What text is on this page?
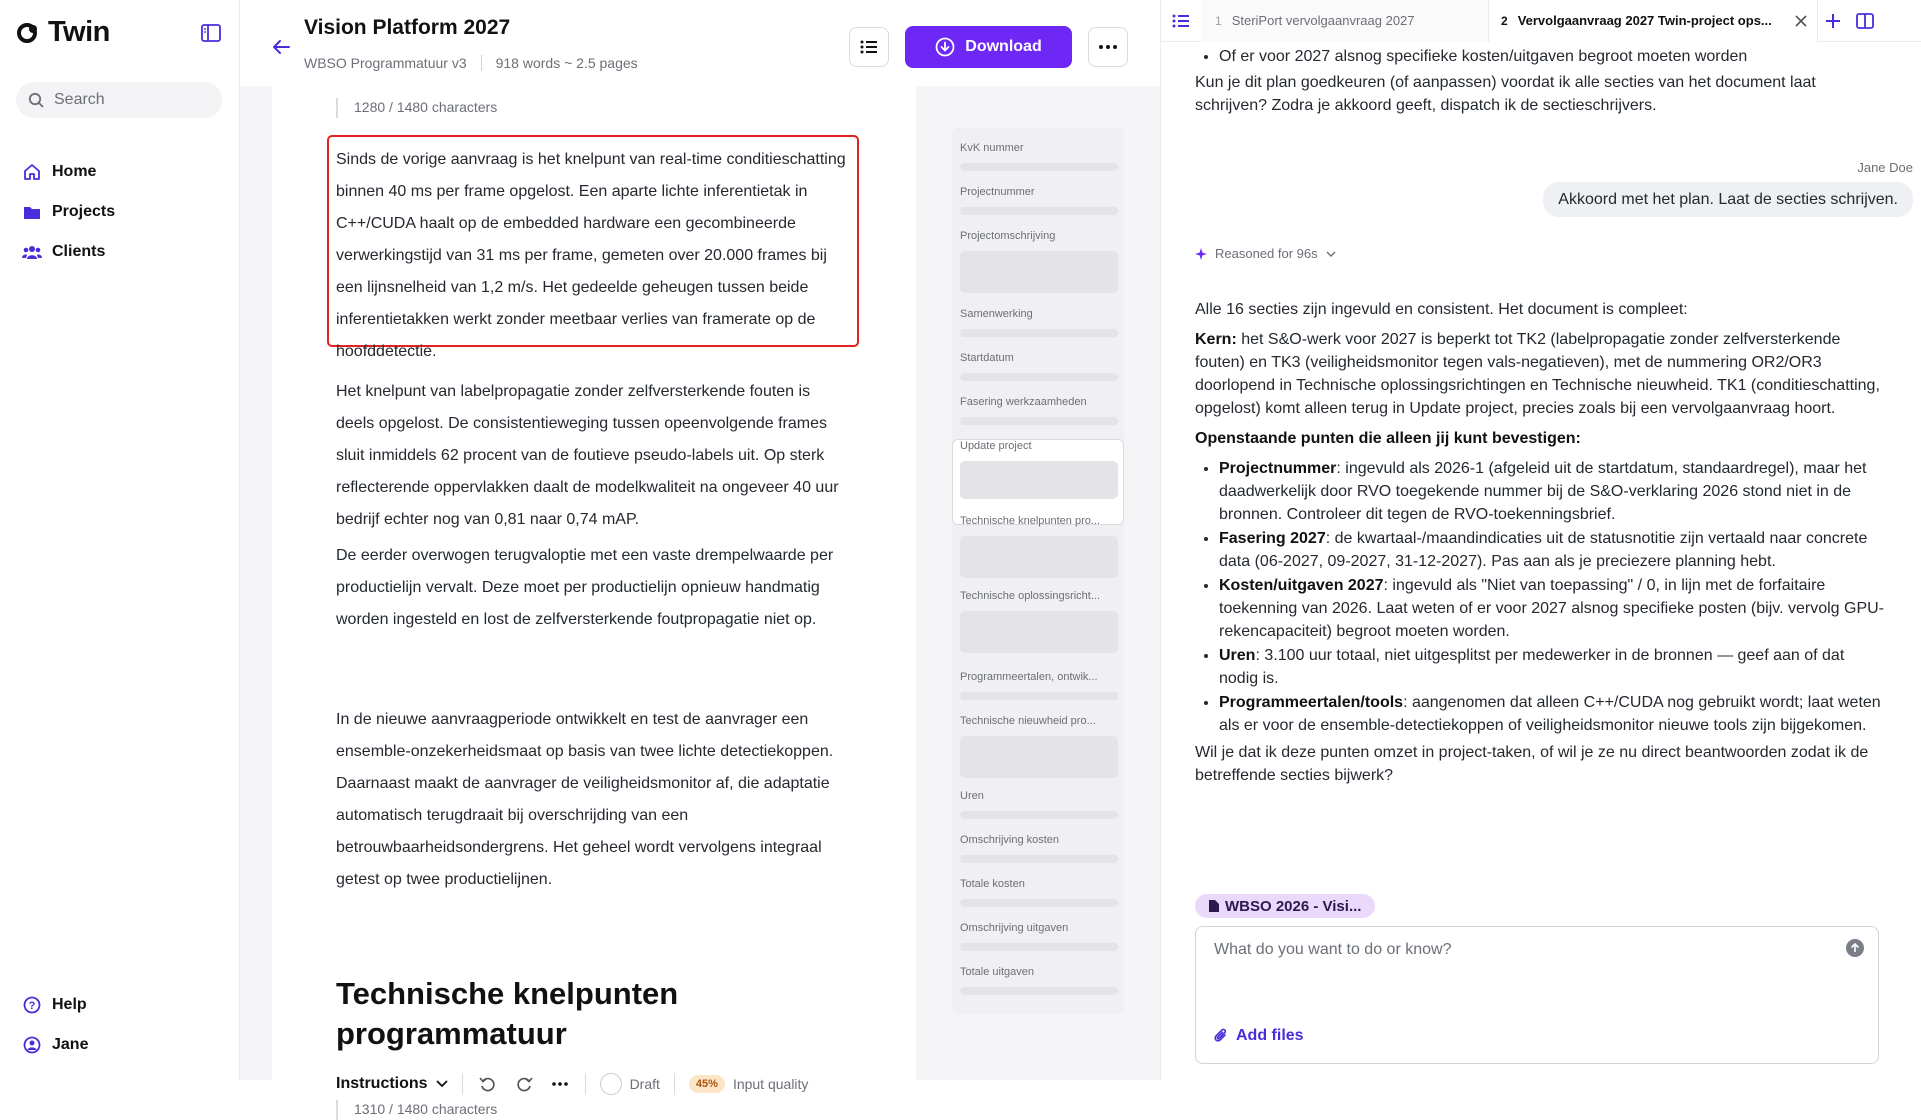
Twin
Search
Home
Projects
Clients
? Help
Jane
Vision Platform 2027
WBSO Programmatuur v3 918 words ~ 2.5 pages
Download
1280 / 1480 characters

Sinds de vorige aanvraag is het knelpunt van real-time conditieschatting binnen 40 ms per frame opgelost. Een aparte lichte inferentietak in C++/CUDA haalt op de embedded hardware een gecombineerde verwerkingstijd van 31 ms per frame, gemeten over 20.000 frames bij een lijnsnelheid van 1,2 m/s. Het gedeelde geheugen tussen beide inferentietakken werkt zonder meetbaar verlies van framerate op de hoofddetectie.

Het knelpunt van labelpropagatie zonder zelfversterkende fouten is deels opgelost. De consistentieweging tussen opeenvolgende frames sluit inmiddels 62 procent van de foutieve pseudo-labels uit. Op sterk reflecterende oppervlakken daalt de modelkwaliteit na ongeveer 40 uur bedrijf echter nog van 0,81 naar 0,74 mAP.

De eerder overwogen terugvaloptie met een vaste drempelwaarde per productielijn vervalt. Deze moet per productielijn opnieuw handmatig worden ingesteld en lost de zelfversterkende foutpropagatie niet op.

In de nieuwe aanvraagperiode ontwikkelt en test de aanvrager een ensemble-onzekerheidsmaat op basis van twee lichte detectiekoppen. Daarnaast maakt de aanvrager de veiligheidsmonitor af, die adaptatie automatisch terugdraait bij overschrijding van een betrouwbaarheidsondergrens. Het geheel wordt vervolgens integraal getest op twee productielijnen.

Technische knelpunten programmatuur
Instructions	Draft	45%	Input quality
1310 / 1480 characters
KvK nummer
Projectnummer
Projectomschrijving
Samenwerking
Startdatum
Fasering werkzaamheden
Update project
Technische knelpunten pro...
Technische oplossingsricht...
Programmeertalen, ontwik...
Technische nieuwheid pro...
Uren
Omschrijving kosten
Totale kosten
Omschrijving uitgaven
Totale uitgaven
1 SteriPort vervolgaanvraag 2027	2 Vervolgaanvraag 2027 Twin-project ops...
• Of er voor 2027 alsnog specifieke kosten/uitgaven begroot moeten worden

Kun je dit plan goedkeuren (of aanpassen) voordat ik alle secties van het document laat schrijven? Zodra je akkoord geeft, dispatch ik de sectieschrijvers.

Jane Doe
Akkoord met het plan. Laat de secties schrijven.
Reasoned for 96s

Alle 16 secties zijn ingevuld en consistent. Het document is compleet:

Kern: het S&O-werk voor 2027 is beperkt tot TK2 (labelpropagatie zonder zelfversterkende fouten) en TK3 (veiligheidsmonitor tegen vals-negatieven), met de nummering OR2/OR3 doorlopend in Technische oplossingsrichtingen en Technische nieuwheid. TK1 (conditieschatting, opgelost) komt alleen terug in Update project, precies zoals bij een vervolgaanvraag hoort.

Openstaande punten die alleen jij kunt bevestigen:

• Projectnummer: ingevuld als 2026-1 (afgeleid uit de startdatum, standaardregel), maar het daadwerkelijk door RVO toegekende nummer bij de S&O-verklaring 2026 stond niet in de bronnen. Controleer dit tegen de RVO-toekenningsbrief.
• Fasering 2027: de kwartaal-/maandindicaties uit de statusnotitie zijn vertaald naar concrete data (06-2027, 09-2027, 31-12-2027). Pas aan als je preciezere planning hebt.
• Kosten/uitgaven 2027: ingevuld als "Niet van toepassing" / 0, in lijn met de forfaitaire toekenning van 2026. Laat weten of er voor 2027 alsnog specifieke posten (bijv. vervolg GPU-rekencapaciteit) begroot moeten worden.
• Uren: 3.100 uur totaal, niet uitgesplitst per medewerker in de bronnen — geef aan of dat nodig is.
• Programmeertalen/tools: aangenomen dat alleen C++/CUDA nog gebruikt wordt; laat weten als er voor de ensemble-detectiekoppen of veiligheidsmonitor nieuwe tools zijn bijgekomen.

Wil je dat ik deze punten omzet in project-taken, of wil je ze nu direct beantwoorden zodat ik de betreffende secties bijwerk?

WBSO 2026 - Visi...
What do you want to do or know?
Add files
